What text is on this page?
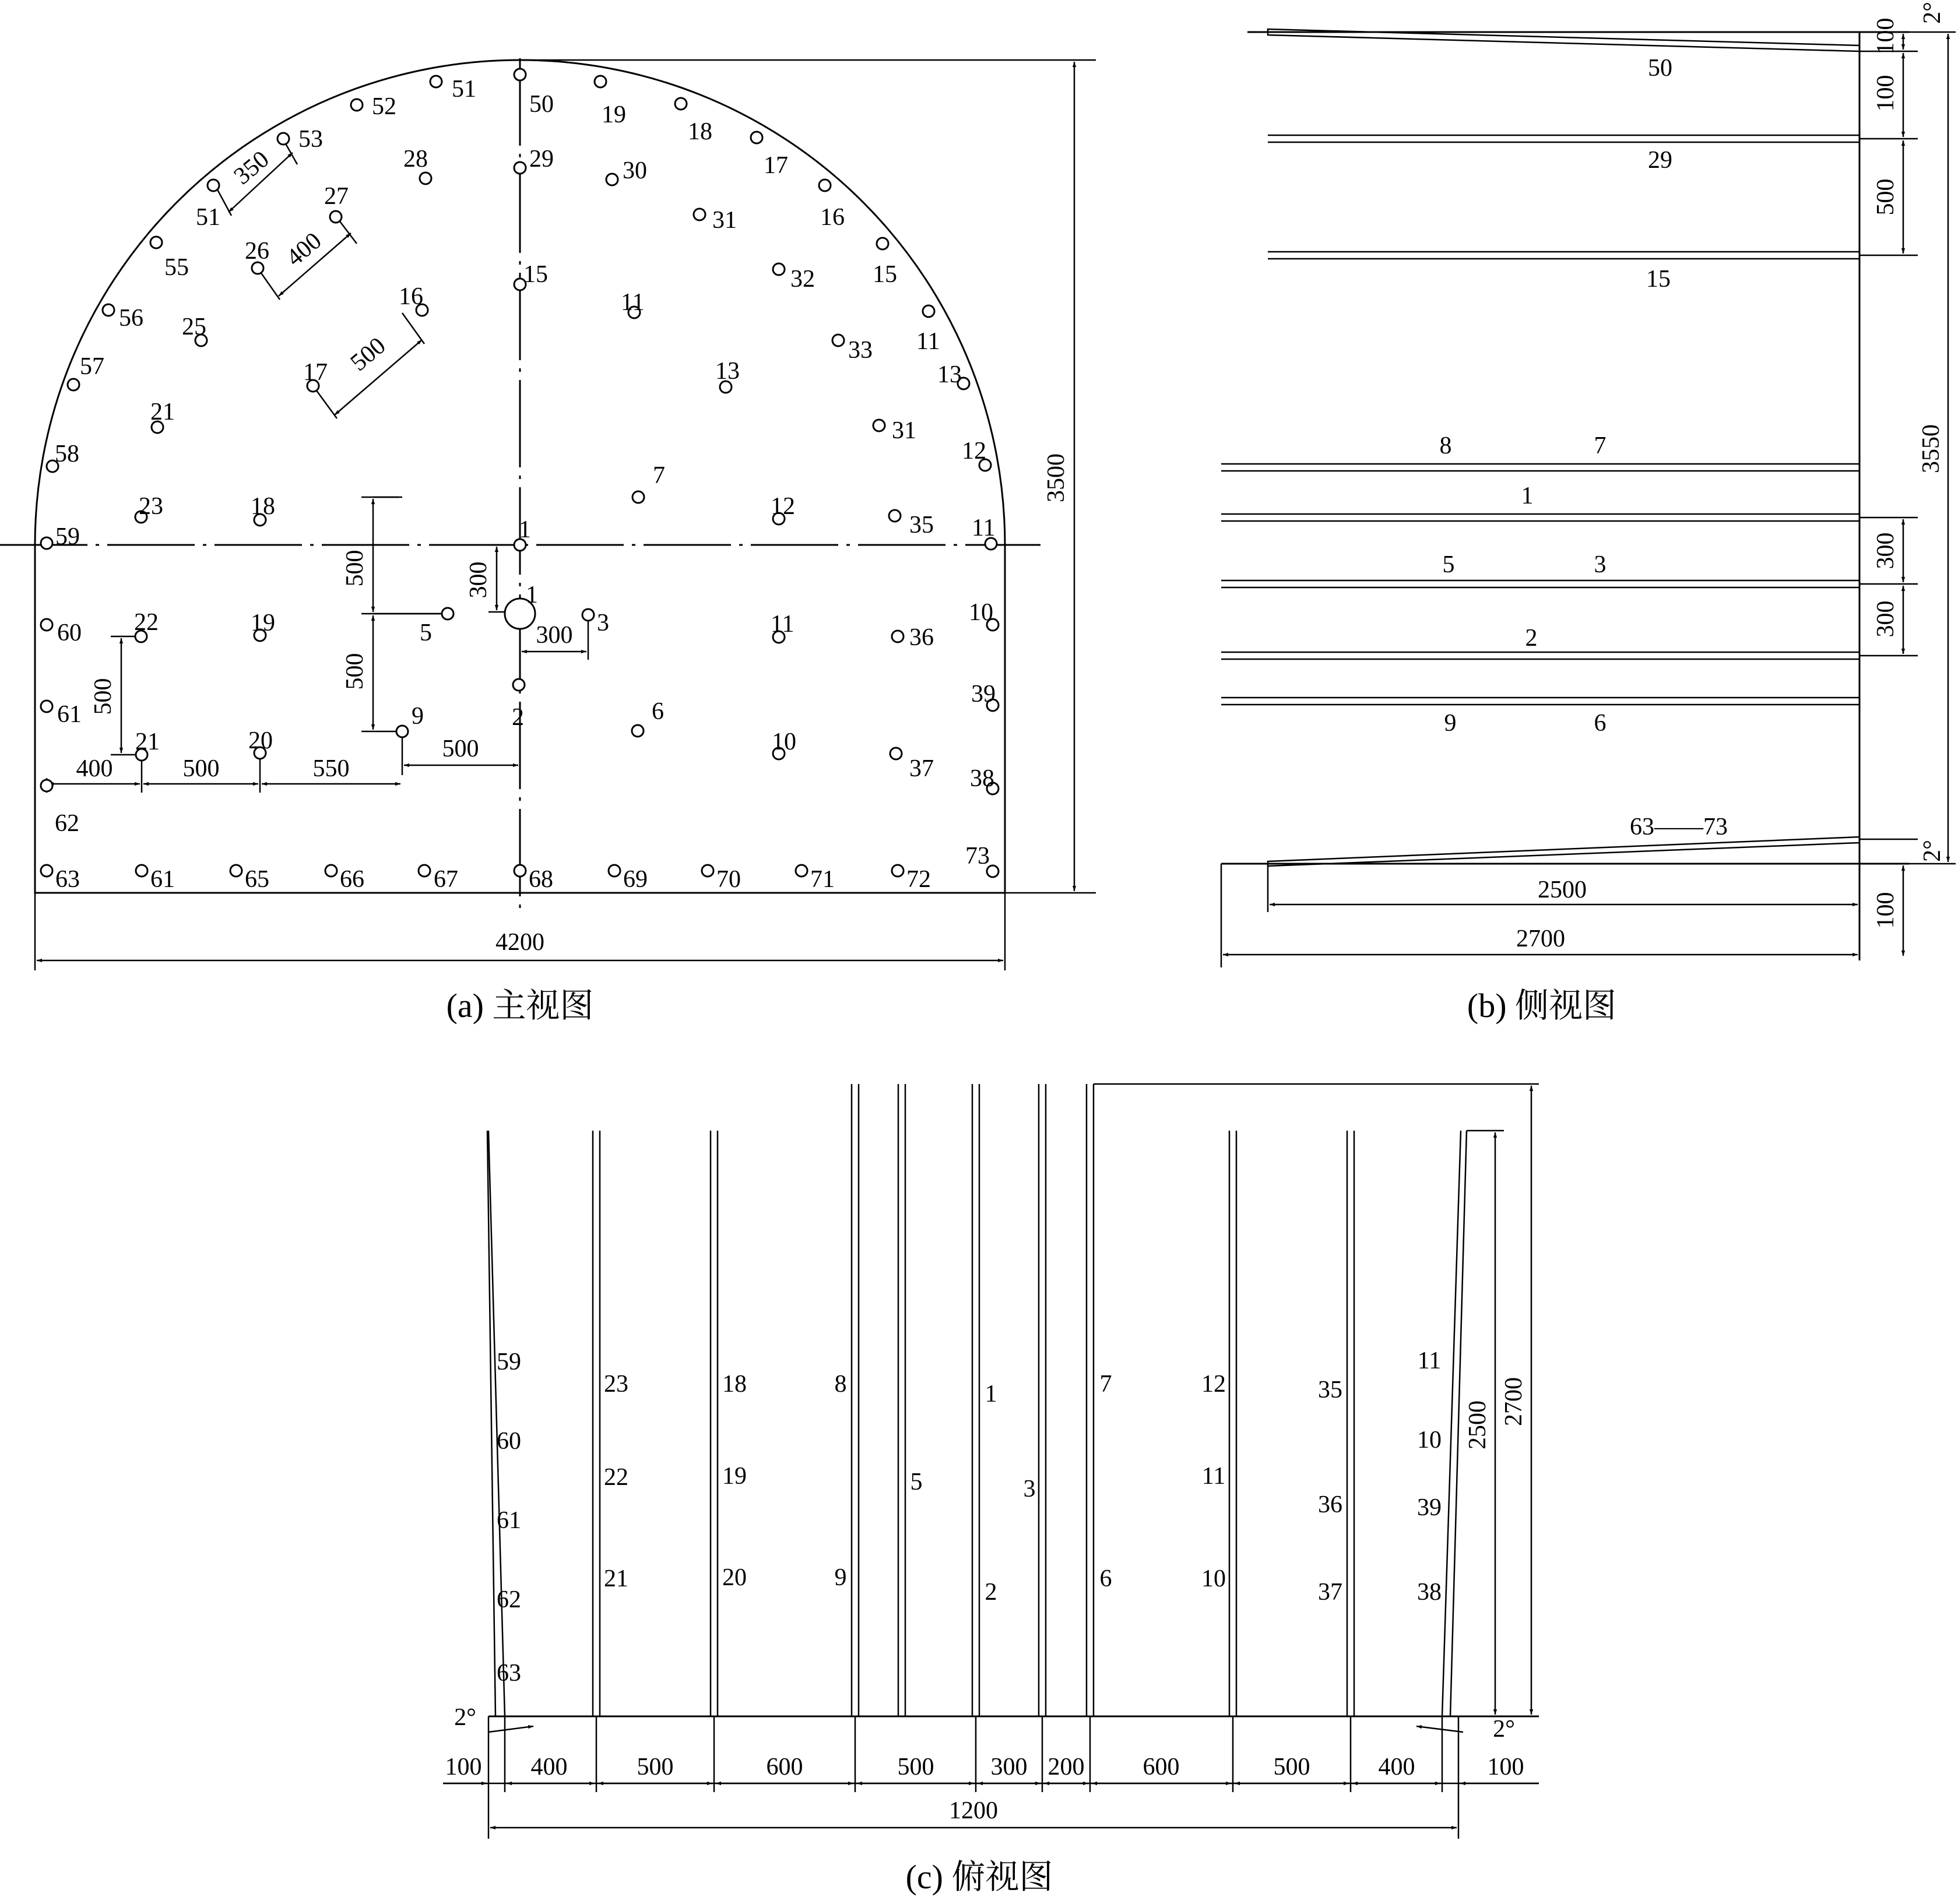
3500
4200
350
400
500
300
300
500
500
500
500
400	500	550
50
51
52
53
51
55
56
57
58
59
28
27
26
25
16
17
21
23	18
29
15
1
19
18
17
16
15
11
13
12
11
30
31
32
11
33
13
31
7
12
35
60 22	19	5	3	11	36
10
61
21	20
9	2	6
10
37
39
38
62
73
63	61	65	66	67	68	69	70	71	72
1
(a) 主视图
2500
2700
100
100
500
300
300
3550
100
2°
2°
50
29
15
8	7
1
5	3
2
9	6
63——73
(b) 侧视图
2500 2700
100 400	500	600	500 300 200 600	500	400	100
1200
2°	2°
59
60
61
62
63
23
22
21
18
19
20
8
9
5
1
2
3
7
6
12
11
10
35
36
37
11
10
39
38
(c) 俯视图
